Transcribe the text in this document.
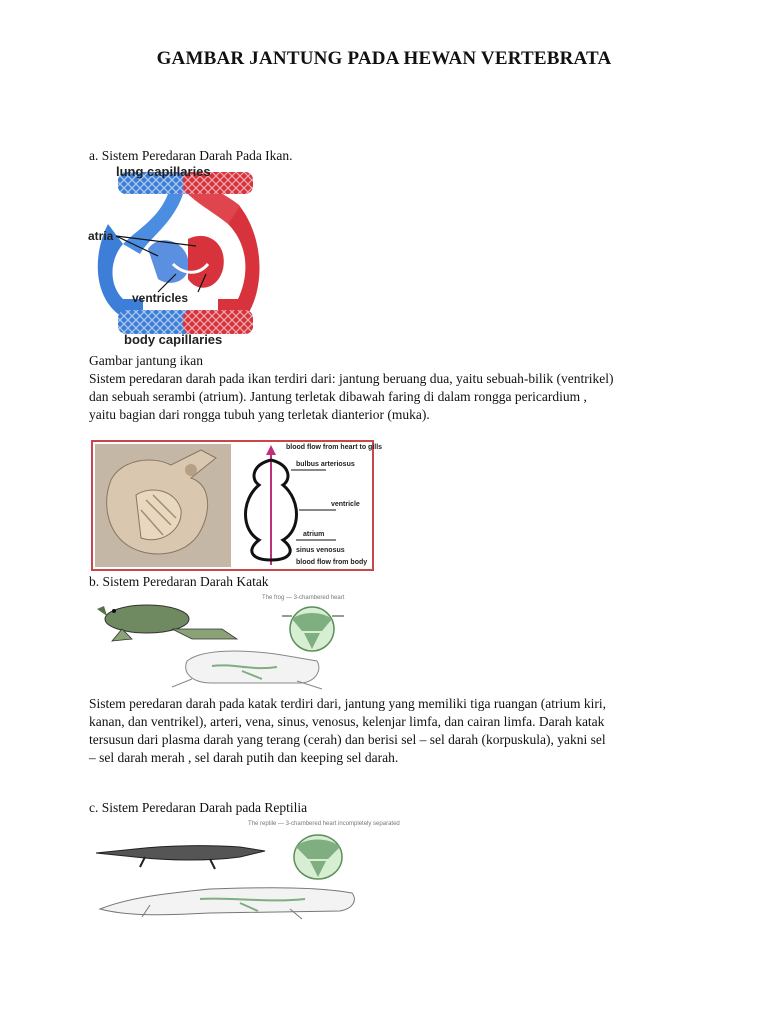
GAMBAR JANTUNG PADA HEWAN VERTEBRATA
a. Sistem Peredaran Darah Pada Ikan.
lung capillaries
atria
ventricles
body capillaries
Gambar jantung ikan
Sistem peredaran darah pada ikan terdiri dari: jantung beruang dua, yaitu sebuah-bilik (ventrikel)
dan sebuah serambi (atrium). Jantung terletak dibawah faring di dalam rongga pericardium ,
yaitu bagian dari rongga tubuh yang terletak dianterior (muka).
blood flow from heart to gills
bulbus arteriosus
ventricle
atrium
sinus venosus
blood flow from body
b. Sistem Peredaran Darah Katak
The frog — 3-chambered heart
Sistem peredaran darah pada katak terdiri dari, jantung yang memiliki tiga ruangan (atrium kiri,
kanan, dan ventrikel), arteri, vena, sinus, venosus, kelenjar limfa, dan cairan limfa. Darah katak
tersusun dari plasma darah yang terang (cerah) dan berisi sel – sel darah (korpuskula), yakni sel
– sel darah merah , sel darah putih dan keeping sel darah.
c. Sistem Peredaran Darah pada Reptilia
The reptile — 3-chambered heart incompletely separated
